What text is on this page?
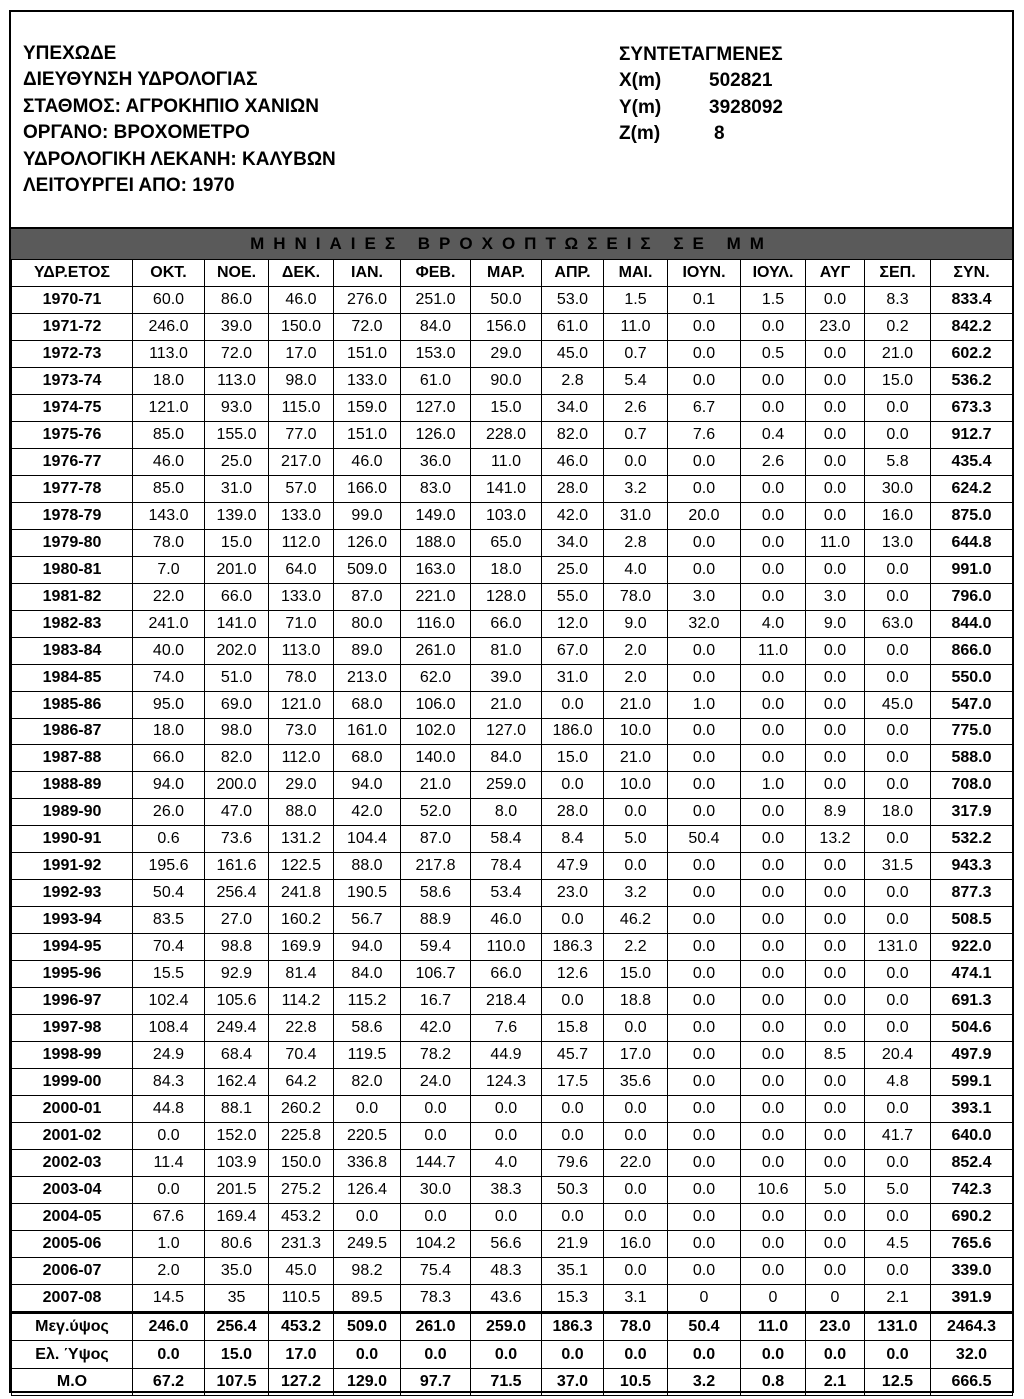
ΥΠΕΧΩΔΕ
ΔΙΕΥΘΥΝΣΗ ΥΔΡΟΛΟΓΙΑΣ
ΣΤΑΘΜΟΣ: ΑΓΡΟΚΗΠΙΟ ΧΑΝΙΩΝ
ΟΡΓΑΝΟ: ΒΡΟΧΟΜΕΤΡΟ
ΥΔΡΟΛΟΓΙΚΗ ΛΕΚΑΝΗ: ΚΑΛΥΒΩΝ
ΛΕΙΤΟΥΡΓΕΙ ΑΠΟ: 1970
ΣΥΝΤΕΤΑΓΜΕΝΕΣ
X(m)	502821
Y(m)	3928092
Z(m)	8
ΜΗΝΙΑΙΕΣ ΒΡΟΧΟΠΤΩΣΕΙΣ ΣΕ ΜΜ
ΥΔΡ.ΕΤΟΣ	ΟΚΤ.	ΝΟΕ.	ΔΕΚ.	ΙΑΝ.	ΦΕΒ.	ΜΑΡ.	ΑΠΡ.	ΜΑΙ.	ΙΟΥΝ.	ΙΟΥΛ.	ΑΥΓ	ΣΕΠ.	ΣΥΝ.
1970-71	60.0	86.0	46.0	276.0	251.0	50.0	53.0	1.5	0.1	1.5	0.0	8.3	833.4
1971-72	246.0	39.0	150.0	72.0	84.0	156.0	61.0	11.0	0.0	0.0	23.0	0.2	842.2
1972-73	113.0	72.0	17.0	151.0	153.0	29.0	45.0	0.7	0.0	0.5	0.0	21.0	602.2
1973-74	18.0	113.0	98.0	133.0	61.0	90.0	2.8	5.4	0.0	0.0	0.0	15.0	536.2
1974-75	121.0	93.0	115.0	159.0	127.0	15.0	34.0	2.6	6.7	0.0	0.0	0.0	673.3
1975-76	85.0	155.0	77.0	151.0	126.0	228.0	82.0	0.7	7.6	0.4	0.0	0.0	912.7
1976-77	46.0	25.0	217.0	46.0	36.0	11.0	46.0	0.0	0.0	2.6	0.0	5.8	435.4
1977-78	85.0	31.0	57.0	166.0	83.0	141.0	28.0	3.2	0.0	0.0	0.0	30.0	624.2
1978-79	143.0	139.0	133.0	99.0	149.0	103.0	42.0	31.0	20.0	0.0	0.0	16.0	875.0
1979-80	78.0	15.0	112.0	126.0	188.0	65.0	34.0	2.8	0.0	0.0	11.0	13.0	644.8
1980-81	7.0	201.0	64.0	509.0	163.0	18.0	25.0	4.0	0.0	0.0	0.0	0.0	991.0
1981-82	22.0	66.0	133.0	87.0	221.0	128.0	55.0	78.0	3.0	0.0	3.0	0.0	796.0
1982-83	241.0	141.0	71.0	80.0	116.0	66.0	12.0	9.0	32.0	4.0	9.0	63.0	844.0
1983-84	40.0	202.0	113.0	89.0	261.0	81.0	67.0	2.0	0.0	11.0	0.0	0.0	866.0
1984-85	74.0	51.0	78.0	213.0	62.0	39.0	31.0	2.0	0.0	0.0	0.0	0.0	550.0
1985-86	95.0	69.0	121.0	68.0	106.0	21.0	0.0	21.0	1.0	0.0	0.0	45.0	547.0
1986-87	18.0	98.0	73.0	161.0	102.0	127.0	186.0	10.0	0.0	0.0	0.0	0.0	775.0
1987-88	66.0	82.0	112.0	68.0	140.0	84.0	15.0	21.0	0.0	0.0	0.0	0.0	588.0
1988-89	94.0	200.0	29.0	94.0	21.0	259.0	0.0	10.0	0.0	1.0	0.0	0.0	708.0
1989-90	26.0	47.0	88.0	42.0	52.0	8.0	28.0	0.0	0.0	0.0	8.9	18.0	317.9
1990-91	0.6	73.6	131.2	104.4	87.0	58.4	8.4	5.0	50.4	0.0	13.2	0.0	532.2
1991-92	195.6	161.6	122.5	88.0	217.8	78.4	47.9	0.0	0.0	0.0	0.0	31.5	943.3
1992-93	50.4	256.4	241.8	190.5	58.6	53.4	23.0	3.2	0.0	0.0	0.0	0.0	877.3
1993-94	83.5	27.0	160.2	56.7	88.9	46.0	0.0	46.2	0.0	0.0	0.0	0.0	508.5
1994-95	70.4	98.8	169.9	94.0	59.4	110.0	186.3	2.2	0.0	0.0	0.0	131.0	922.0
1995-96	15.5	92.9	81.4	84.0	106.7	66.0	12.6	15.0	0.0	0.0	0.0	0.0	474.1
1996-97	102.4	105.6	114.2	115.2	16.7	218.4	0.0	18.8	0.0	0.0	0.0	0.0	691.3
1997-98	108.4	249.4	22.8	58.6	42.0	7.6	15.8	0.0	0.0	0.0	0.0	0.0	504.6
1998-99	24.9	68.4	70.4	119.5	78.2	44.9	45.7	17.0	0.0	0.0	8.5	20.4	497.9
1999-00	84.3	162.4	64.2	82.0	24.0	124.3	17.5	35.6	0.0	0.0	0.0	4.8	599.1
2000-01	44.8	88.1	260.2	0.0	0.0	0.0	0.0	0.0	0.0	0.0	0.0	0.0	393.1
2001-02	0.0	152.0	225.8	220.5	0.0	0.0	0.0	0.0	0.0	0.0	0.0	41.7	640.0
2002-03	11.4	103.9	150.0	336.8	144.7	4.0	79.6	22.0	0.0	0.0	0.0	0.0	852.4
2003-04	0.0	201.5	275.2	126.4	30.0	38.3	50.3	0.0	0.0	10.6	5.0	5.0	742.3
2004-05	67.6	169.4	453.2	0.0	0.0	0.0	0.0	0.0	0.0	0.0	0.0	0.0	690.2
2005-06	1.0	80.6	231.3	249.5	104.2	56.6	21.9	16.0	0.0	0.0	0.0	4.5	765.6
2006-07	2.0	35.0	45.0	98.2	75.4	48.3	35.1	0.0	0.0	0.0	0.0	0.0	339.0
2007-08	14.5	35	110.5	89.5	78.3	43.6	15.3	3.1	0	0	0	2.1	391.9
Μεγ.ύψος	246.0	256.4	453.2	509.0	261.0	259.0	186.3	78.0	50.4	11.0	23.0	131.0	2464.3
Ελ. Ύψος	0.0	15.0	17.0	0.0	0.0	0.0	0.0	0.0	0.0	0.0	0.0	0.0	32.0
Μ.Ο	67.2	107.5	127.2	129.0	97.7	71.5	37.0	10.5	3.2	0.8	2.1	12.5	666.5
